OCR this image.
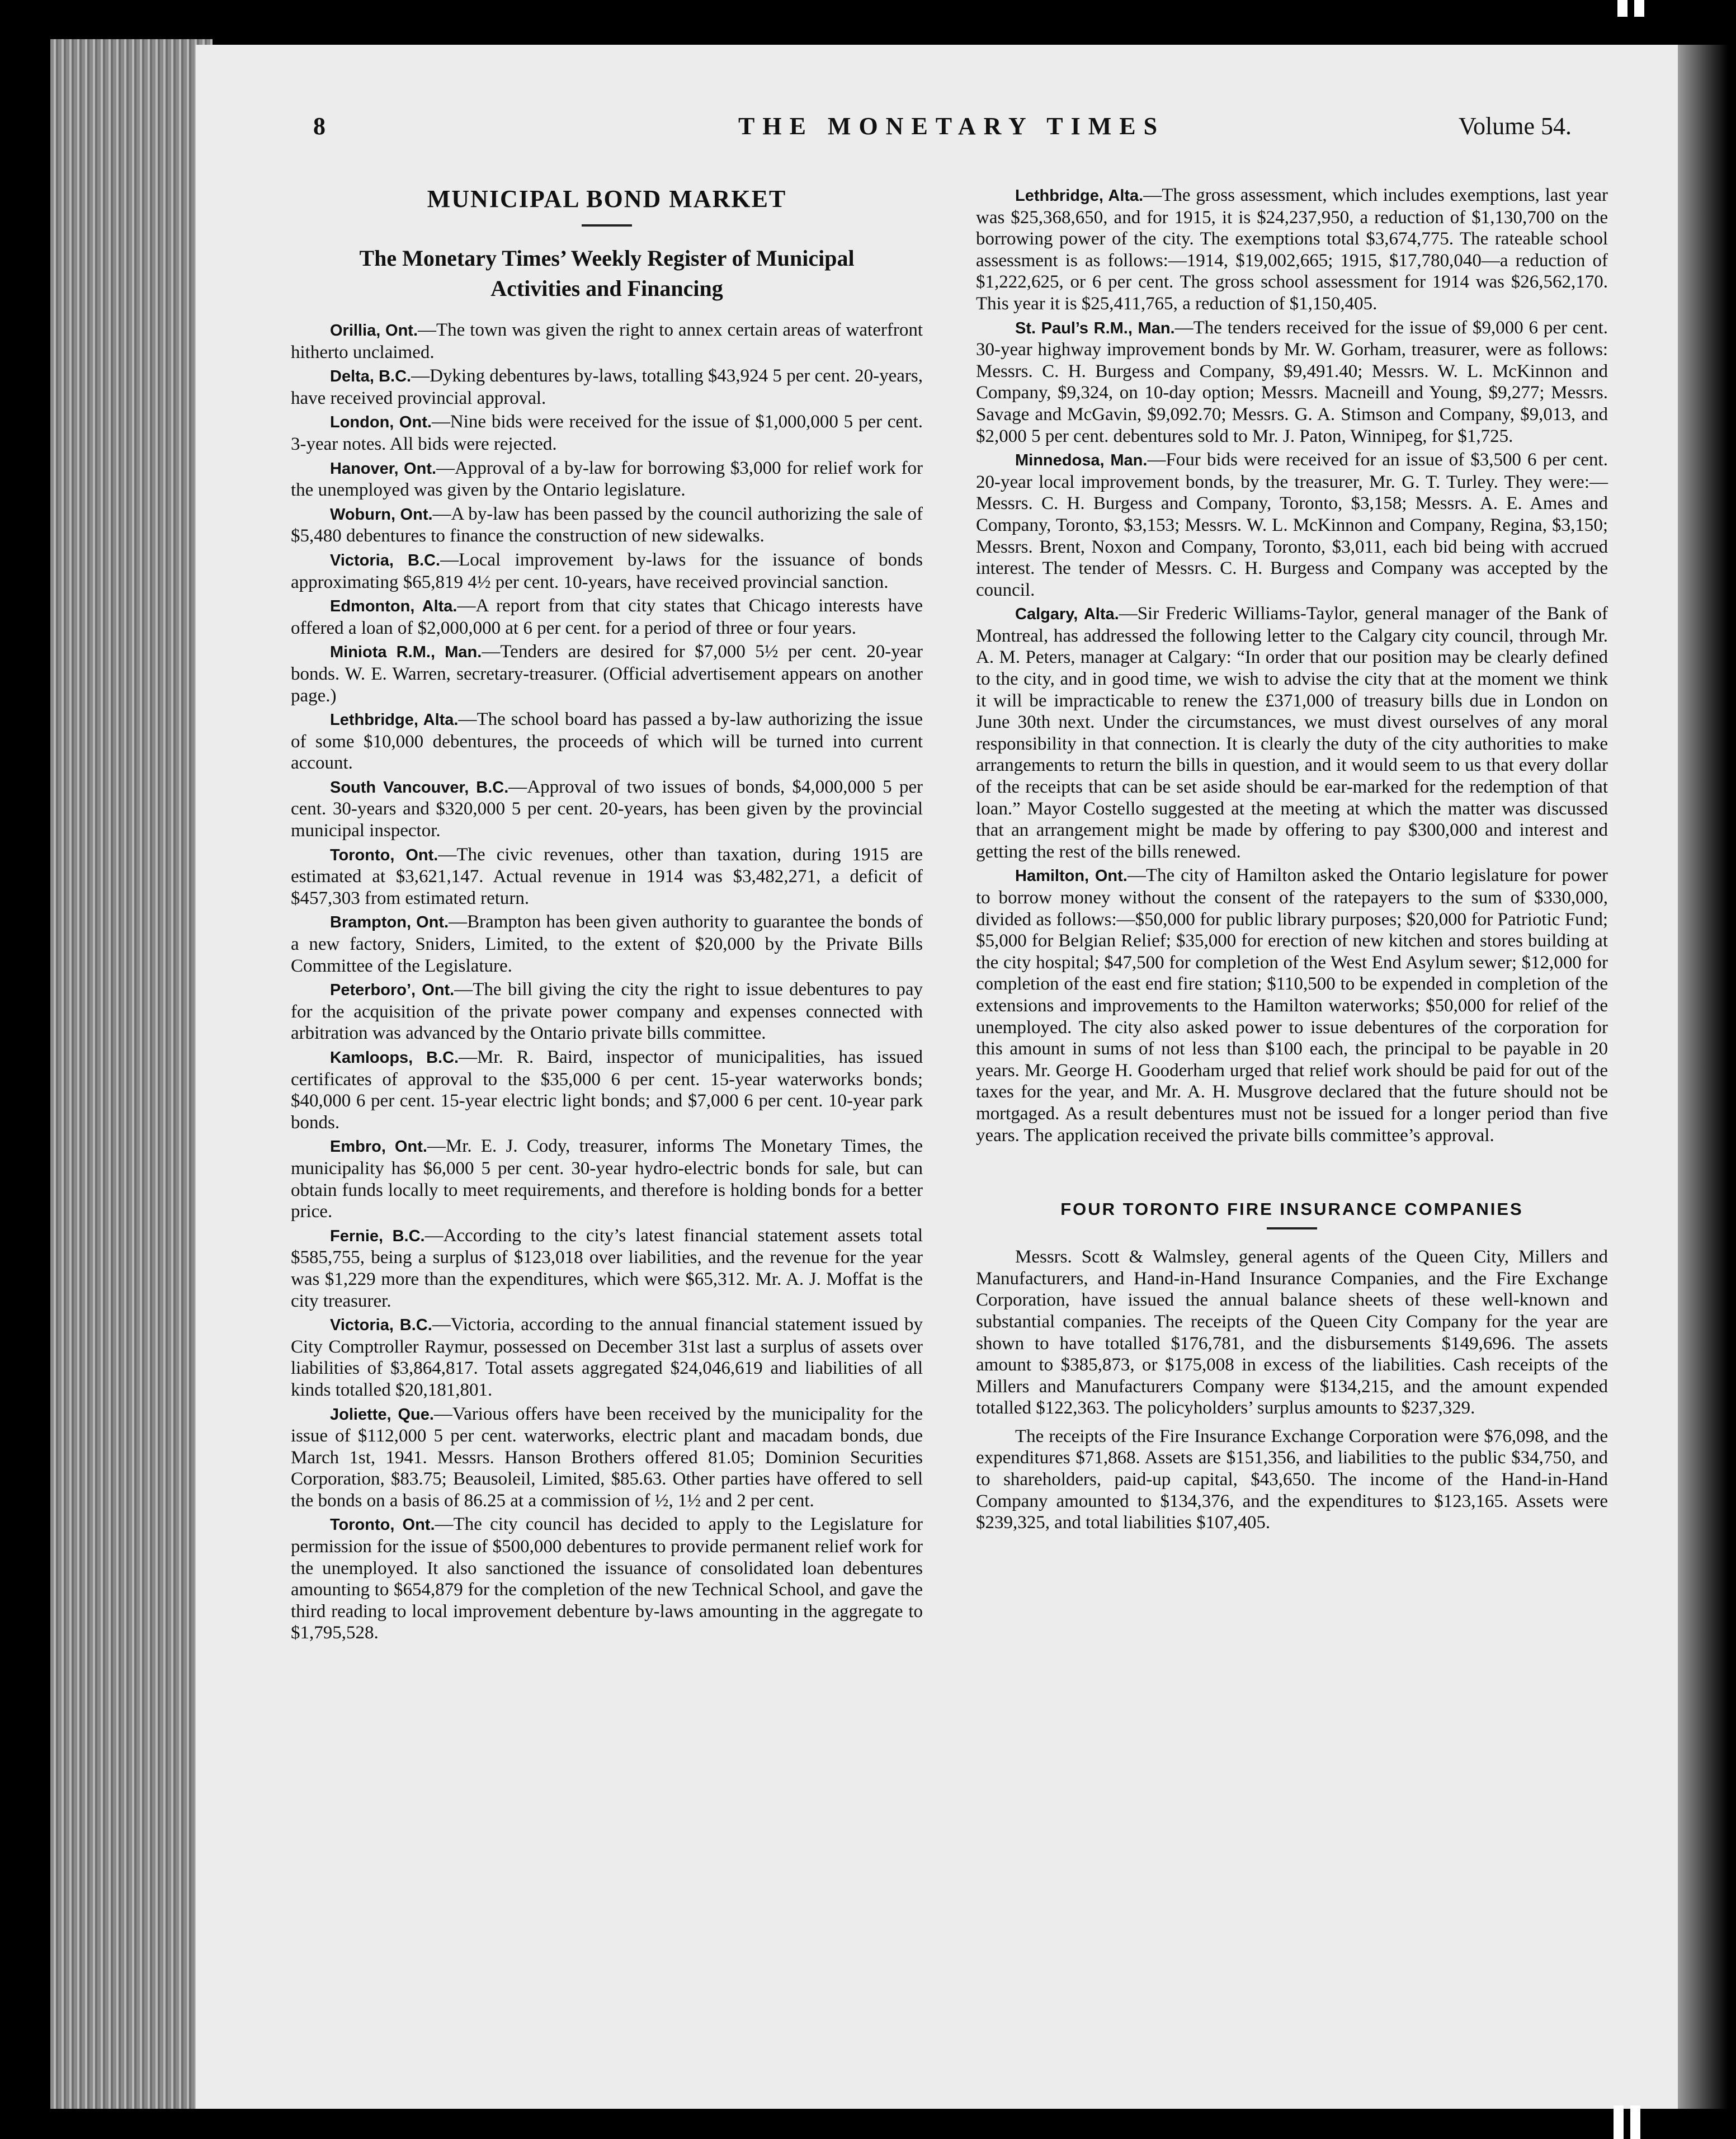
8	THE MONETARY TIMES	Volume 54.
MUNICIPAL BOND MARKET
The Monetary Times’ Weekly Register of Municipal Activities and Financing

Orillia, Ont.—The town was given the right to annex certain areas of waterfront hitherto unclaimed.

Delta, B.C.—Dyking debentures by-laws, totalling $43,924 5 per cent. 20-years, have received provincial approval.

London, Ont.—Nine bids were received for the issue of $1,000,000 5 per cent. 3-year notes. All bids were rejected.

Hanover, Ont.—Approval of a by-law for borrowing $3,000 for relief work for the unemployed was given by the Ontario legislature.

Woburn, Ont.—A by-law has been passed by the council authorizing the sale of $5,480 debentures to finance the construction of new sidewalks.

Victoria, B.C.—Local improvement by-laws for the issuance of bonds approximating $65,819 4½ per cent. 10-years, have received provincial sanction.

Edmonton, Alta.—A report from that city states that Chicago interests have offered a loan of $2,000,000 at 6 per cent. for a period of three or four years.

Miniota R.M., Man.—Tenders are desired for $7,000 5½ per cent. 20-year bonds. W. E. Warren, secretary-treasurer. (Official advertisement appears on another page.)

Lethbridge, Alta.—The school board has passed a by-law authorizing the issue of some $10,000 debentures, the proceeds of which will be turned into current account.

South Vancouver, B.C.—Approval of two issues of bonds, $4,000,000 5 per cent. 30-years and $320,000 5 per cent. 20-years, has been given by the provincial municipal inspector.

Toronto, Ont.—The civic revenues, other than taxation, during 1915 are estimated at $3,621,147. Actual revenue in 1914 was $3,482,271, a deficit of $457,303 from estimated return.

Brampton, Ont.—Brampton has been given authority to guarantee the bonds of a new factory, Sniders, Limited, to the extent of $20,000 by the Private Bills Committee of the Legislature.

Peterboro’, Ont.—The bill giving the city the right to issue debentures to pay for the acquisition of the private power company and expenses connected with arbitration was advanced by the Ontario private bills committee.

Kamloops, B.C.—Mr. R. Baird, inspector of municipalities, has issued certificates of approval to the $35,000 6 per cent. 15-year waterworks bonds; $40,000 6 per cent. 15-year electric light bonds; and $7,000 6 per cent. 10-year park bonds.

Embro, Ont.—Mr. E. J. Cody, treasurer, informs The Monetary Times, the municipality has $6,000 5 per cent. 30-year hydro-electric bonds for sale, but can obtain funds locally to meet requirements, and therefore is holding bonds for a better price.

Fernie, B.C.—According to the city’s latest financial statement assets total $585,755, being a surplus of $123,018 over liabilities, and the revenue for the year was $1,229 more than the expenditures, which were $65,312. Mr. A. J. Moffat is the city treasurer.

Victoria, B.C.—Victoria, according to the annual financial statement issued by City Comptroller Raymur, possessed on December 31st last a surplus of assets over liabilities of $3,864,817. Total assets aggregated $24,046,619 and liabilities of all kinds totalled $20,181,801.

Joliette, Que.—Various offers have been received by the municipality for the issue of $112,000 5 per cent. waterworks, electric plant and macadam bonds, due March 1st, 1941. Messrs. Hanson Brothers offered 81.05; Dominion Securities Corporation, $83.75; Beausoleil, Limited, $85.63. Other parties have offered to sell the bonds on a basis of 86.25 at a commission of ½, 1½ and 2 per cent.

Toronto, Ont.—The city council has decided to apply to the Legislature for permission for the issue of $500,000 debentures to provide permanent relief work for the unemployed. It also sanctioned the issuance of consolidated loan debentures amounting to $654,879 for the completion of the new Technical School, and gave the third reading to local improvement debenture by-laws amounting in the aggregate to $1,795,528.

Lethbridge, Alta.—The gross assessment, which includes exemptions, last year was $25,368,650, and for 1915, it is $24,237,950, a reduction of $1,130,700 on the borrowing power of the city. The exemptions total $3,674,775. The rateable school assessment is as follows:—1914, $19,002,665; 1915, $17,780,040—a reduction of $1,222,625, or 6 per cent. The gross school assessment for 1914 was $26,562,170. This year it is $25,411,765, a reduction of $1,150,405.

St. Paul’s R.M., Man.—The tenders received for the issue of $9,000 6 per cent. 30-year highway improvement bonds by Mr. W. Gorham, treasurer, were as follows: Messrs. C. H. Burgess and Company, $9,491.40; Messrs. W. L. McKinnon and Company, $9,324, on 10-day option; Messrs. Macneill and Young, $9,277; Messrs. Savage and McGavin, $9,092.70; Messrs. G. A. Stimson and Company, $9,013, and $2,000 5 per cent. debentures sold to Mr. J. Paton, Winnipeg, for $1,725.

Minnedosa, Man.—Four bids were received for an issue of $3,500 6 per cent. 20-year local improvement bonds, by the treasurer, Mr. G. T. Turley. They were:—Messrs. C. H. Burgess and Company, Toronto, $3,158; Messrs. A. E. Ames and Company, Toronto, $3,153; Messrs. W. L. McKinnon and Company, Regina, $3,150; Messrs. Brent, Noxon and Company, Toronto, $3,011, each bid being with accrued interest. The tender of Messrs. C. H. Burgess and Company was accepted by the council.

Calgary, Alta.—Sir Frederic Williams-Taylor, general manager of the Bank of Montreal, has addressed the following letter to the Calgary city council, through Mr. A. M. Peters, manager at Calgary: “In order that our position may be clearly defined to the city, and in good time, we wish to advise the city that at the moment we think it will be impracticable to renew the £371,000 of treasury bills due in London on June 30th next. Under the circumstances, we must divest ourselves of any moral responsibility in that connection. It is clearly the duty of the city authorities to make arrangements to return the bills in question, and it would seem to us that every dollar of the receipts that can be set aside should be ear-marked for the redemption of that loan.” Mayor Costello suggested at the meeting at which the matter was discussed that an arrangement might be made by offering to pay $300,000 and interest and getting the rest of the bills renewed.

Hamilton, Ont.—The city of Hamilton asked the Ontario legislature for power to borrow money without the consent of the ratepayers to the sum of $330,000, divided as follows:—$50,000 for public library purposes; $20,000 for Patriotic Fund; $5,000 for Belgian Relief; $35,000 for erection of new kitchen and stores building at the city hospital; $47,500 for completion of the West End Asylum sewer; $12,000 for completion of the east end fire station; $110,500 to be expended in completion of the extensions and improvements to the Hamilton waterworks; $50,000 for relief of the unemployed. The city also asked power to issue debentures of the corporation for this amount in sums of not less than $100 each, the principal to be payable in 20 years. Mr. George H. Gooderham urged that relief work should be paid for out of the taxes for the year, and Mr. A. H. Musgrove declared that the future should not be mortgaged. As a result debentures must not be issued for a longer period than five years. The application received the private bills committee’s approval.

FOUR TORONTO FIRE INSURANCE COMPANIES

Messrs. Scott & Walmsley, general agents of the Queen City, Millers and Manufacturers, and Hand-in-Hand Insurance Companies, and the Fire Exchange Corporation, have issued the annual balance sheets of these well-known and substantial companies. The receipts of the Queen City Company for the year are shown to have totalled $176,781, and the disbursements $149,696. The assets amount to $385,873, or $175,008 in excess of the liabilities. Cash receipts of the Millers and Manufacturers Company were $134,215, and the amount expended totalled $122,363. The policyholders’ surplus amounts to $237,329.

The receipts of the Fire Insurance Exchange Corporation were $76,098, and the expenditures $71,868. Assets are $151,356, and liabilities to the public $34,750, and to shareholders, paid-up capital, $43,650. The income of the Hand-in-Hand Company amounted to $134,376, and the expenditures to $123,165. Assets were $239,325, and total liabilities $107,405.
